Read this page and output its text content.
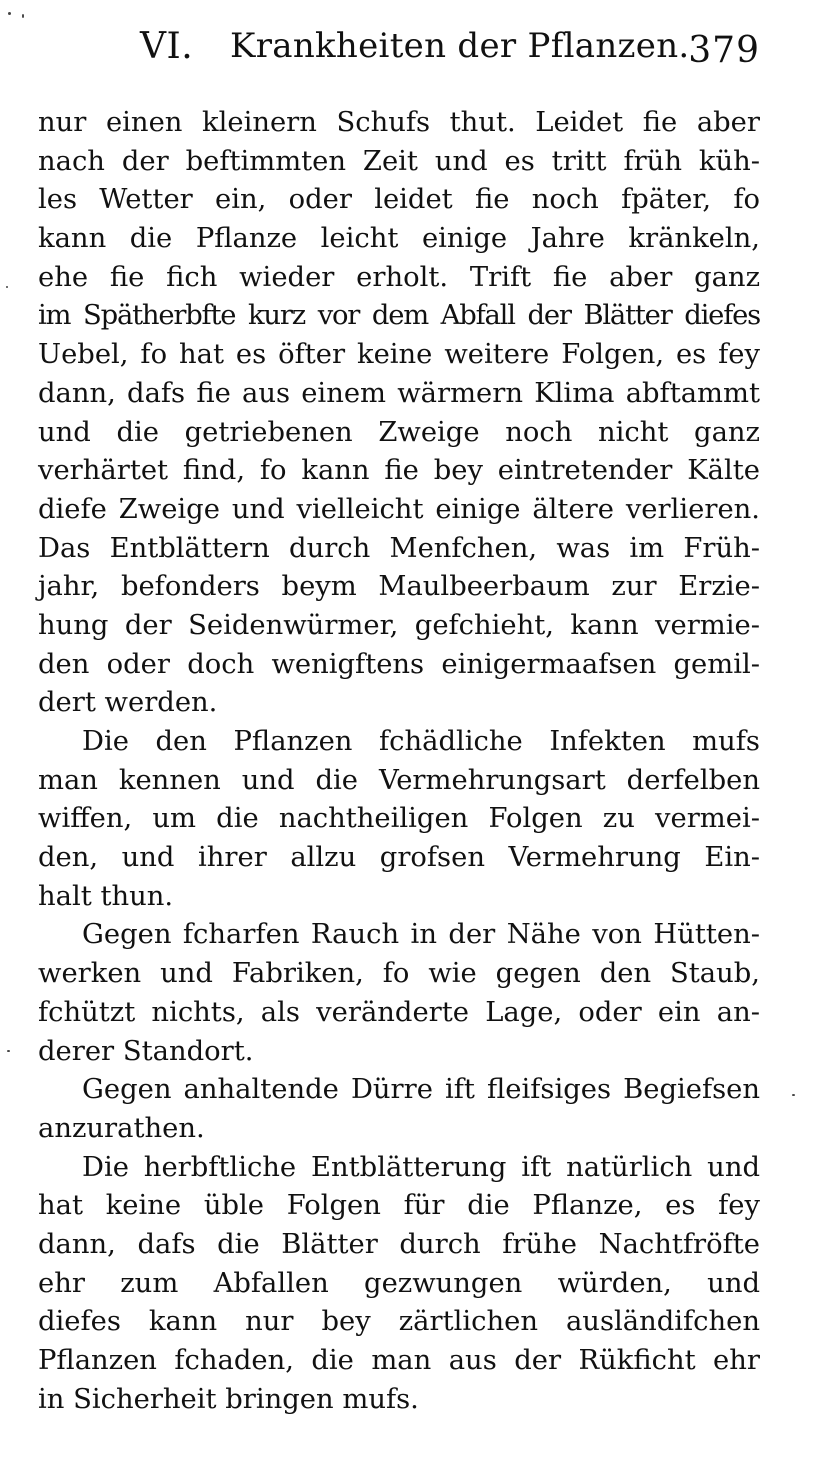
VI. Krankheiten der Pflanzen.
379
nur einen kleinern Schufs thut. Leidet fie aber
nach der beftimmten Zeit und es tritt früh küh-
les Wetter ein, oder leidet fie noch fpäter, fo
kann die Pflanze leicht einige Jahre kränkeln,
ehe fie fich wieder erholt. Trift fie aber ganz
im Spätherbfte kurz vor dem Abfall der Blätter diefes
Uebel, fo hat es öfter keine weitere Folgen, es fey
dann, dafs fie aus einem wärmern Klima abftammt
und die getriebenen Zweige noch nicht ganz
verhärtet find, fo kann fie bey eintretender Kälte
diefe Zweige und vielleicht einige ältere verlieren.
Das Entblättern durch Menfchen, was im Früh-
jahr, befonders beym Maulbeerbaum zur Erzie-
hung der Seidenwürmer, gefchieht, kann vermie-
den oder doch wenigftens einigermaafsen gemil-
dert werden.
Die den Pflanzen fchädliche Infekten mufs
man kennen und die Vermehrungsart derfelben
wiffen, um die nachtheiligen Folgen zu vermei-
den, und ihrer allzu grofsen Vermehrung Ein-
halt thun.
Gegen fcharfen Rauch in der Nähe von Hütten-
werken und Fabriken, fo wie gegen den Staub,
fchützt nichts, als veränderte Lage, oder ein an-
derer Standort.
Gegen anhaltende Dürre ift fleifsiges Begiefsen
anzurathen.
Die herbftliche Entblätterung ift natürlich und
hat keine üble Folgen für die Pflanze, es fey
dann, dafs die Blätter durch frühe Nachtfröfte
ehr zum Abfallen gezwungen würden, und
diefes kann nur bey zärtlichen ausländifchen
Pflanzen fchaden, die man aus der Rükficht ehr
in Sicherheit bringen mufs.
